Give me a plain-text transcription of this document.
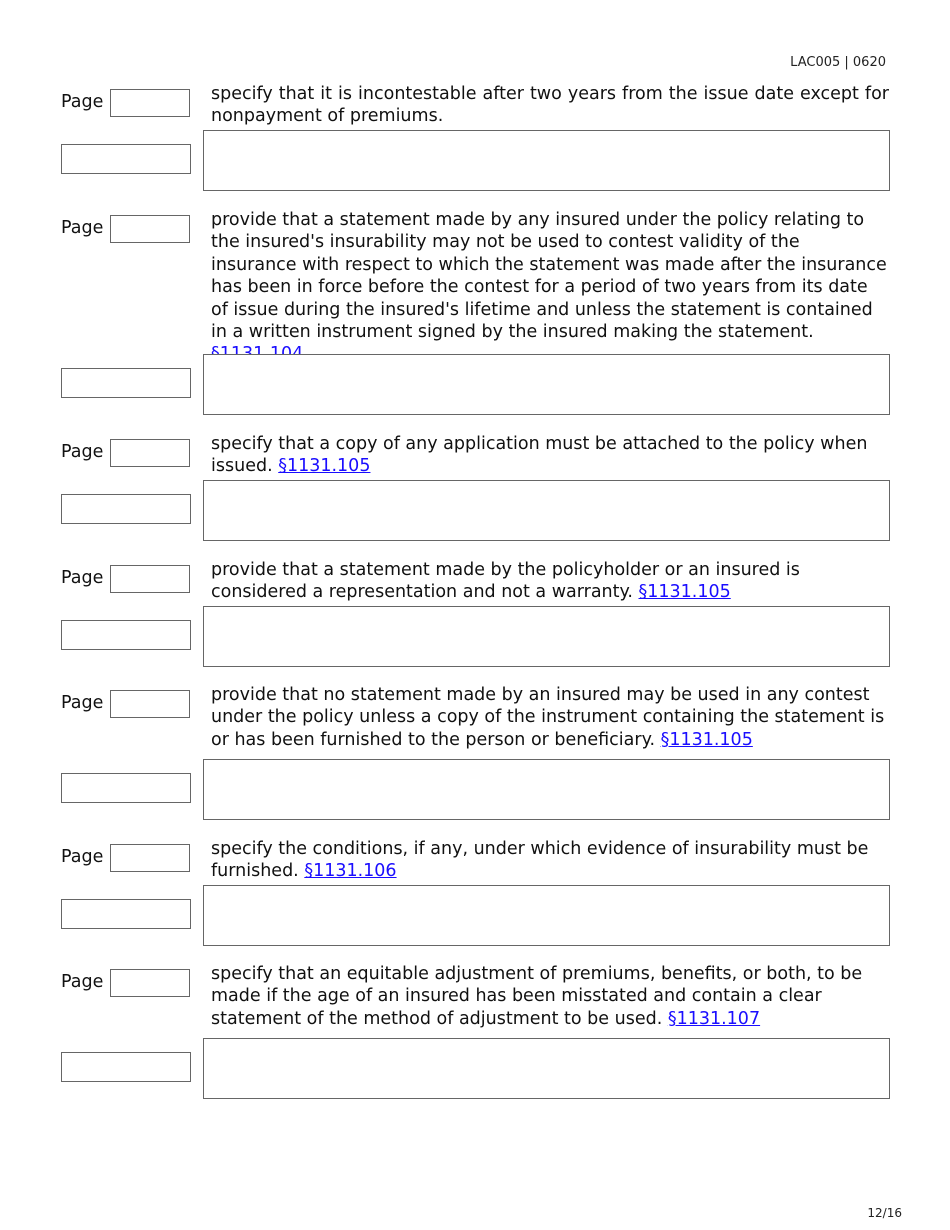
LAC005 | 0620
Page	specify that it is incontestable after two years from the issue date except for nonpayment of premiums.
Page	provide that a statement made by any insured under the policy relating to the insured's insurability may not be used to contest validity of the insurance with respect to which the statement was made after the insurance has been in force before the contest for a period of two years from its date of issue during the insured's lifetime and unless the statement is contained in a written instrument signed by the insured making the statement.
Page	specify that a copy of any application must be attached to the policy when issued. §1131.105
Page	provide that a statement made by the policyholder or an insured is considered a representation and not a warranty. §1131.105
Page	provide that no statement made by an insured may be used in any contest under the policy unless a copy of the instrument containing the statement is or has been furnished to the person or beneficiary. §1131.105
Page	specify the conditions, if any, under which evidence of insurability must be furnished. §1131.106
Page	specify that an equitable adjustment of premiums, benefits, or both, to be made if the age of an insured has been misstated and contain a clear statement of the method of adjustment to be used. §1131.107
12/16
